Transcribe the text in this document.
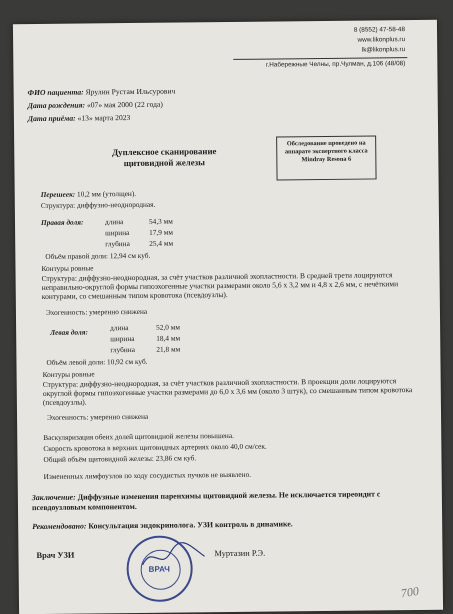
8 (8552) 47-58-48
www.likonplus.ru
lk@likonplus.ru
г.Набережные Челны, пр.Чулман, д.106 (48/08)
ФИО пациента: Ярулин Рустам Ильсурович
Дата рождения: «07» мая 2000 (22 года)
Дата приёма: «13» марта 2023
Дуплексное сканирование
щитовидной железы
Обследование проведено на аппарате экспертного класса Mindray Resona 6
Перешеек: 10,2 мм (утолщен).
Структура: диффузно-неоднородная.
Правая доля:	длина	54,3 мм
ширина	17,9 мм
глубина	25,4 мм
Объём правой доли: 12,94 см куб.
Контуры ровные
Структура: диффузно-неоднородная, за счёт участков различной эхопластности. В средней трети лоцируются неправильно-округлой формы гипоэхогенные участки размерами около 5,6 х 3,2 мм и 4,8 х 2,6 мм, с нечёткими контурами, со смешанным типом кровотока (псевдоузлы).
Эхогенность: умеренно снижена
Левая доля:	длина	52,0 мм
ширина	18,4 мм
глубина	21,8 мм
Объём левой доли: 10,92 см куб.
Контуры ровные
Структура: диффузно-неоднородная, за счёт участков различной эхопластности. В проекции доли лоцируются округлой формы гипоэхогенные участки размерами до 6,0 х 3,6 мм (около 3 штук), со смешанным типом кровотока (псевдоузлы).
Эхогенность: умеренно снижена
Васкуляризация обеих долей щитовидной железы повышена.
Скорость кровотока в верхних щитовидных артериях около 40,0 см/сек.
Общий объём щитовидной железы: 23,86 см куб.
Измененных лимфоузлов по ходу сосудистых пучков не выявлено.
Заключение: Диффузные изменения паренхимы щитовидной железы. Не исключается тиреоидит с псевдоузловым компонентом.
Рекомендовано: Консультация эндокринолога. УЗИ контроль в динамике.
Врач УЗИ
ВРАЧ
Муртазин Р.Э.
700
